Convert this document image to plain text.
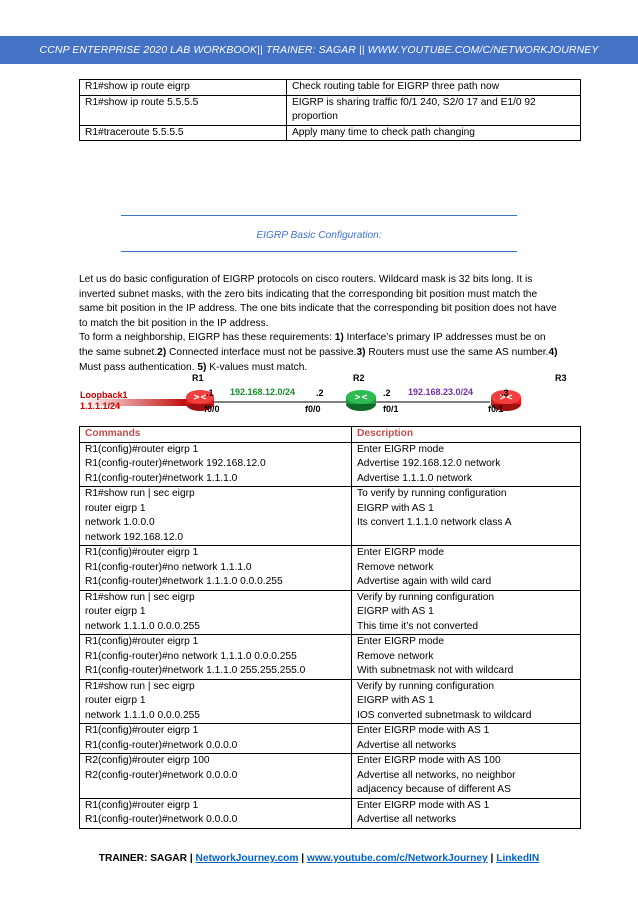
CCNP ENTERPRISE 2020 LAB WORKBOOK|| TRAINER: SAGAR || WWW.YOUTUBE.COM/C/NETWORKJOURNEY
R1#show ip route eigrp	Check routing table for EIGRP three path now

R1#show ip route 5.5.5.5	EIGRP is sharing traffic f0/1 240, S2/0 17 and E1/0 92
proportion

R1#traceroute 5.5.5.5	Apply many time to check path changing
EIGRP Basic Configuration:

Let us do basic configuration of EIGRP protocols on cisco routers. Wildcard mask is 32 bits long. It is inverted subnet masks, with the zero bits indicating that the corresponding bit position must match the same bit position in the IP address. The one bits indicate that the corresponding bit position does not have to match the bit position in the IP address.

To form a neighborship, EIGRP has these requirements: 1) Interface’s primary IP addresses must be on the same subnet.2) Connected interface must not be passive.3) Routers must use the same AS number.4) Must pass authentication. 5) K-values must match.

Loopback1
1.1.1.1/24
R1	R2	R3
192.168.12.0/24
.1
f0/0
.2
f0/0
192.168.23.0/24
.2
f0/1
.3
f0/1
Commands	Description

R1(config)#router eigrp 1
R1(config-router)#network 192.168.12.0
R1(config-router)#network 1.1.1.0	Enter EIGRP mode
Advertise 192.168.12.0 network
Advertise 1.1.1.0 network

R1#show run | sec eigrp
router eigrp 1
network 1.0.0.0
network 192.168.12.0	To verify by running configuration
EIGRP with AS 1
Its convert 1.1.1.0 network class A

R1(config)#router eigrp 1
R1(config-router)#no network 1.1.1.0
R1(config-router)#network 1.1.1.0 0.0.0.255	Enter EIGRP mode
Remove network
Advertise again with wild card

R1#show run | sec eigrp
router eigrp 1
network 1.1.1.0 0.0.0.255	Verify by running configuration
EIGRP with AS 1
This time it’s not converted

R1(config)#router eigrp 1
R1(config-router)#no network 1.1.1.0 0.0.0.255
R1(config-router)#network 1.1.1.0 255.255.255.0	Enter EIGRP mode
Remove network
With subnetmask not with wildcard

R1#show run | sec eigrp
router eigrp 1
network 1.1.1.0 0.0.0.255	Verify by running configuration
EIGRP with AS 1
IOS converted subnetmask to wildcard

R1(config)#router eigrp 1
R1(config-router)#network 0.0.0.0	Enter EIGRP mode with AS 1
Advertise all networks

R2(config)#router eigrp 100
R2(config-router)#network 0.0.0.0	Enter EIGRP mode with AS 100
Advertise all networks, no neighbor
adjacency because of different AS

R1(config)#router eigrp 1
R1(config-router)#network 0.0.0.0	Enter EIGRP mode with AS 1
Advertise all networks
TRAINER: SAGAR | NetworkJourney.com | www.youtube.com/c/NetworkJourney | LinkedIN
